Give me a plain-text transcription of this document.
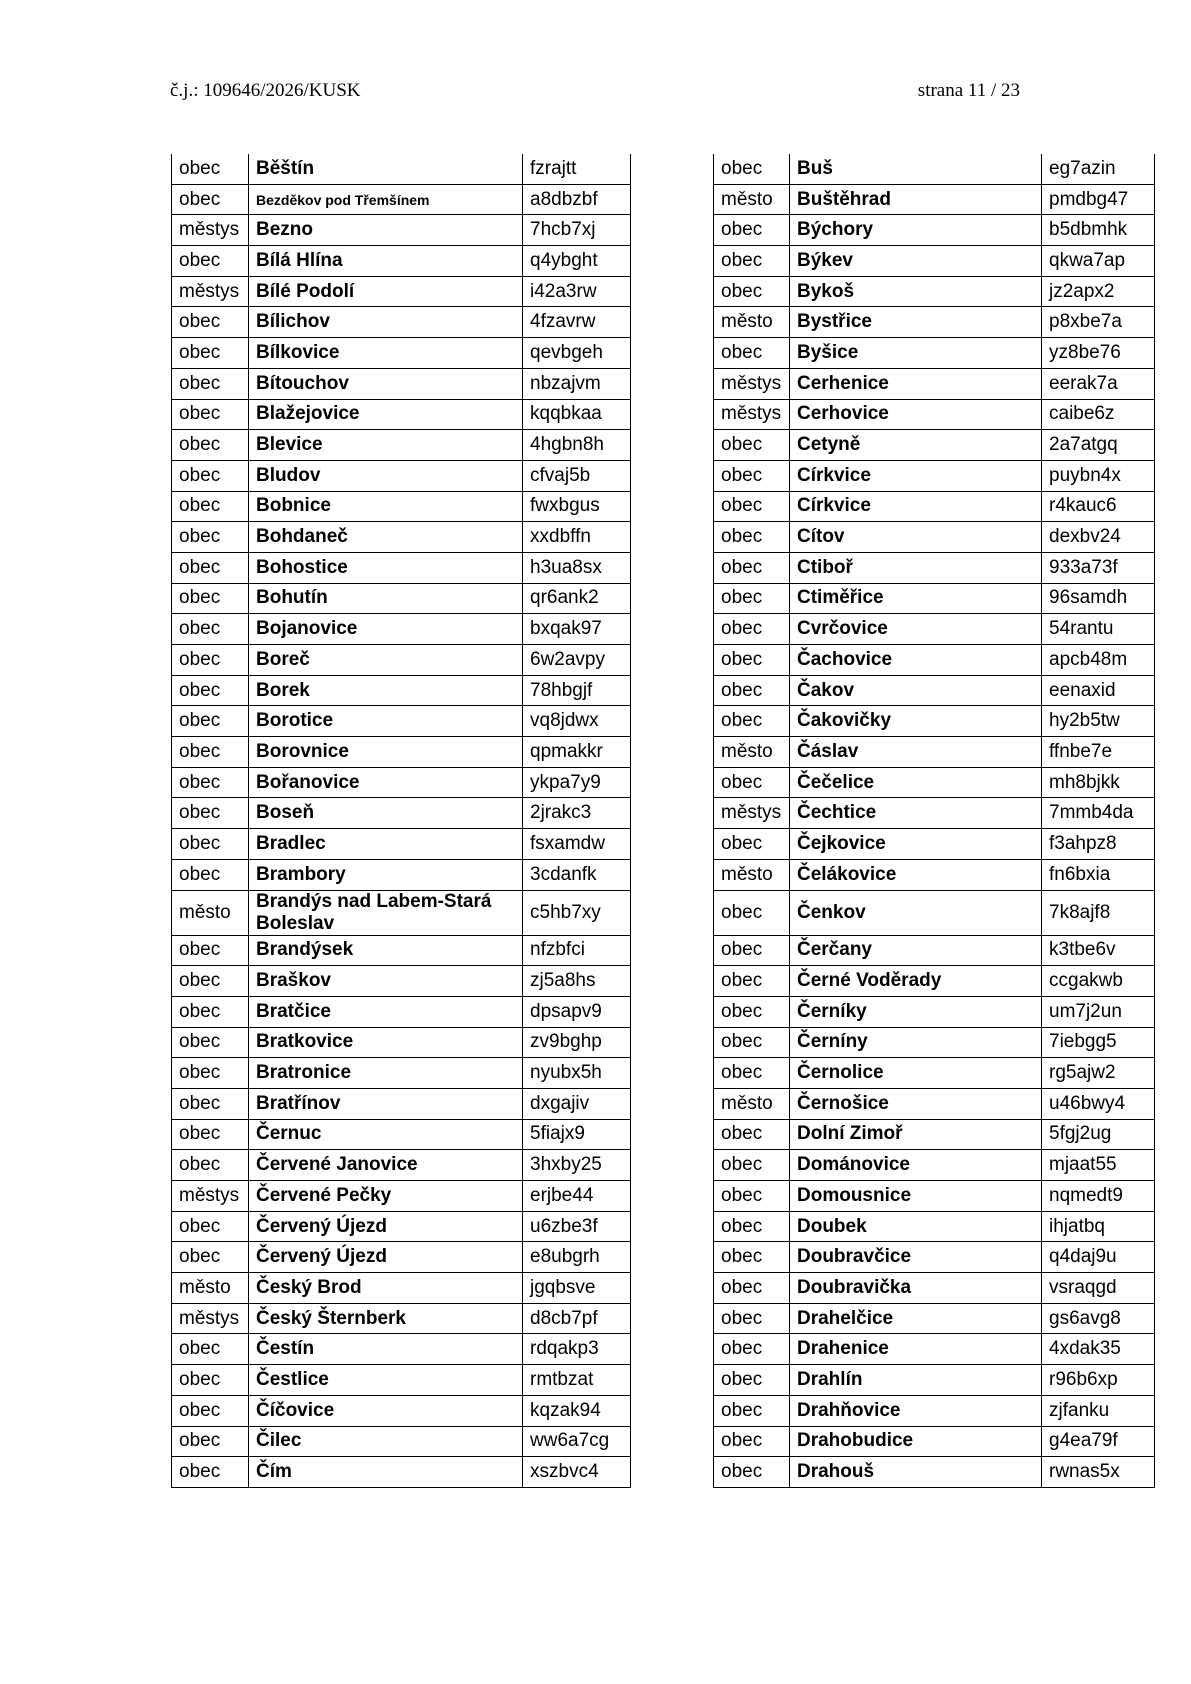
č.j.: 109646/2026/KUSK	strana 11 / 23
obec	Běštín	fzrajtt		obec	Buš	eg7azin
obec	Bezděkov pod Třemšínem	a8dbzbf		město	Buštěhrad	pmdbg47
městys	Bezno	7hcb7xj		obec	Býchory	b5dbmhk
obec	Bílá Hlína	q4ybght		obec	Býkev	qkwa7ap
městys	Bílé Podolí	i42a3rw		obec	Bykoš	jz2apx2
obec	Bílichov	4fzavrw		město	Bystřice	p8xbe7a
obec	Bílkovice	qevbgeh		obec	Byšice	yz8be76
obec	Bítouchov	nbzajvm		městys	Cerhenice	eerak7a
obec	Blažejovice	kqqbkaa		městys	Cerhovice	caibe6z
obec	Blevice	4hgbn8h		obec	Cetyně	2a7atgq
obec	Bludov	cfvaj5b		obec	Církvice	puybn4x
obec	Bobnice	fwxbgus		obec	Církvice	r4kauc6
obec	Bohdaneč	xxdbffn		obec	Cítov	dexbv24
obec	Bohostice	h3ua8sx		obec	Ctiboř	933a73f
obec	Bohutín	qr6ank2		obec	Ctiměřice	96samdh
obec	Bojanovice	bxqak97		obec	Cvrčovice	54rantu
obec	Boreč	6w2avpy		obec	Čachovice	apcb48m
obec	Borek	78hbgjf		obec	Čakov	eenaxid
obec	Borotice	vq8jdwx		obec	Čakovičky	hy2b5tw
obec	Borovnice	qpmakkr		město	Čáslav	ffnbe7e
obec	Bořanovice	ykpa7y9		obec	Čečelice	mh8bjkk
obec	Boseň	2jrakc3		městys	Čechtice	7mmb4da
obec	Bradlec	fsxamdw		obec	Čejkovice	f3ahpz8
obec	Brambory	3cdanfk		město	Čelákovice	fn6bxia
město	Brandýs nad Labem-Stará Boleslav	c5hb7xy		obec	Čenkov	7k8ajf8
obec	Brandýsek	nfzbfci		obec	Čerčany	k3tbe6v
obec	Braškov	zj5a8hs		obec	Černé Voděrady	ccgakwb
obec	Bratčice	dpsapv9		obec	Černíky	um7j2un
obec	Bratkovice	zv9bghp		obec	Černíny	7iebgg5
obec	Bratronice	nyubx5h		obec	Černolice	rg5ajw2
obec	Bratřínov	dxgajiv		město	Černošice	u46bwy4
obec	Černuc	5fiajx9		obec	Dolní Zimoř	5fgj2ug
obec	Červené Janovice	3hxby25		obec	Dománovice	mjaat55
městys	Červené Pečky	erjbe44		obec	Domousnice	nqmedt9
obec	Červený Újezd	u6zbe3f		obec	Doubek	ihjatbq
obec	Červený Újezd	e8ubgrh		obec	Doubravčice	q4daj9u
město	Český Brod	jgqbsve		obec	Doubravička	vsraqgd
městys	Český Šternberk	d8cb7pf		obec	Drahelčice	gs6avg8
obec	Čestín	rdqakp3		obec	Drahenice	4xdak35
obec	Čestlice	rmtbzat		obec	Drahlín	r96b6xp
obec	Číčovice	kqzak94		obec	Drahňovice	zjfanku
obec	Čilec	ww6a7cg		obec	Drahobudice	g4ea79f
obec	Čím	xszbvc4		obec	Drahouš	rwnas5x
